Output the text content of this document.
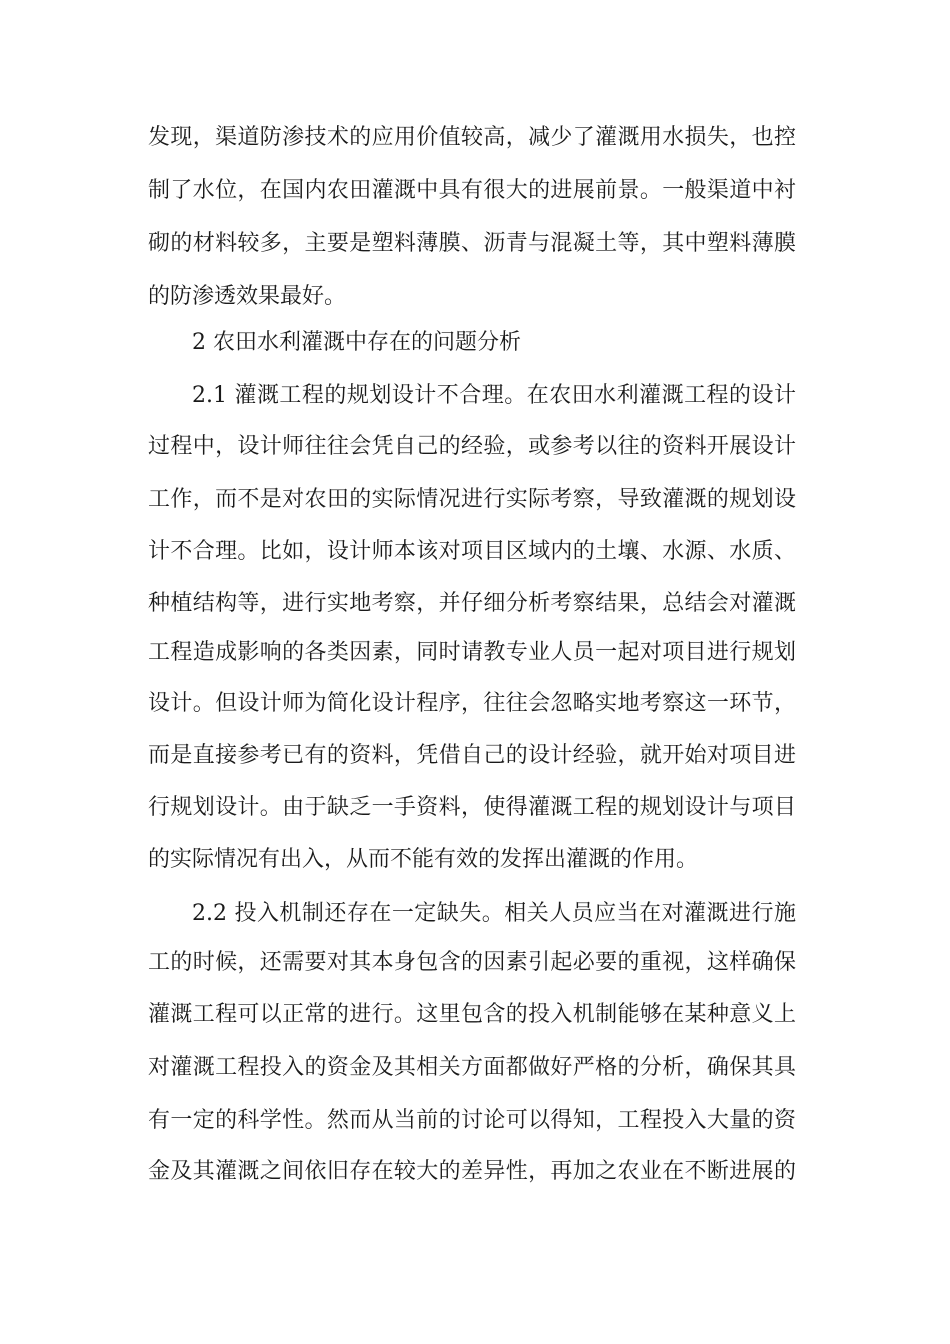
发现，渠道防渗技术的应用价值较高，减少了灌溉用水损失，也控
制了水位，在国内农田灌溉中具有很大的进展前景。一般渠道中衬
砌的材料较多，主要是塑料薄膜、沥青与混凝土等，其中塑料薄膜
的防渗透效果最好。
2 农田水利灌溉中存在的问题分析
2.1 灌溉工程的规划设计不合理。在农田水利灌溉工程的设计
过程中，设计师往往会凭自己的经验，或参考以往的资料开展设计
工作，而不是对农田的实际情况进行实际考察，导致灌溉的规划设
计不合理。比如，设计师本该对项目区域内的土壤、水源、水质、
种植结构等，进行实地考察，并仔细分析考察结果，总结会对灌溉
工程造成影响的各类因素，同时请教专业人员一起对项目进行规划
设计。但设计师为简化设计程序，往往会忽略实地考察这一环节，
而是直接参考已有的资料，凭借自己的设计经验，就开始对项目进
行规划设计。由于缺乏一手资料，使得灌溉工程的规划设计与项目
的实际情况有出入，从而不能有效的发挥出灌溉的作用。
2.2 投入机制还存在一定缺失。相关人员应当在对灌溉进行施
工的时候，还需要对其本身包含的因素引起必要的重视，这样确保
灌溉工程可以正常的进行。这里包含的投入机制能够在某种意义上
对灌溉工程投入的资金及其相关方面都做好严格的分析，确保其具
有一定的科学性。然而从当前的讨论可以得知，工程投入大量的资
金及其灌溉之间依旧存在较大的差异性，再加之农业在不断进展的
